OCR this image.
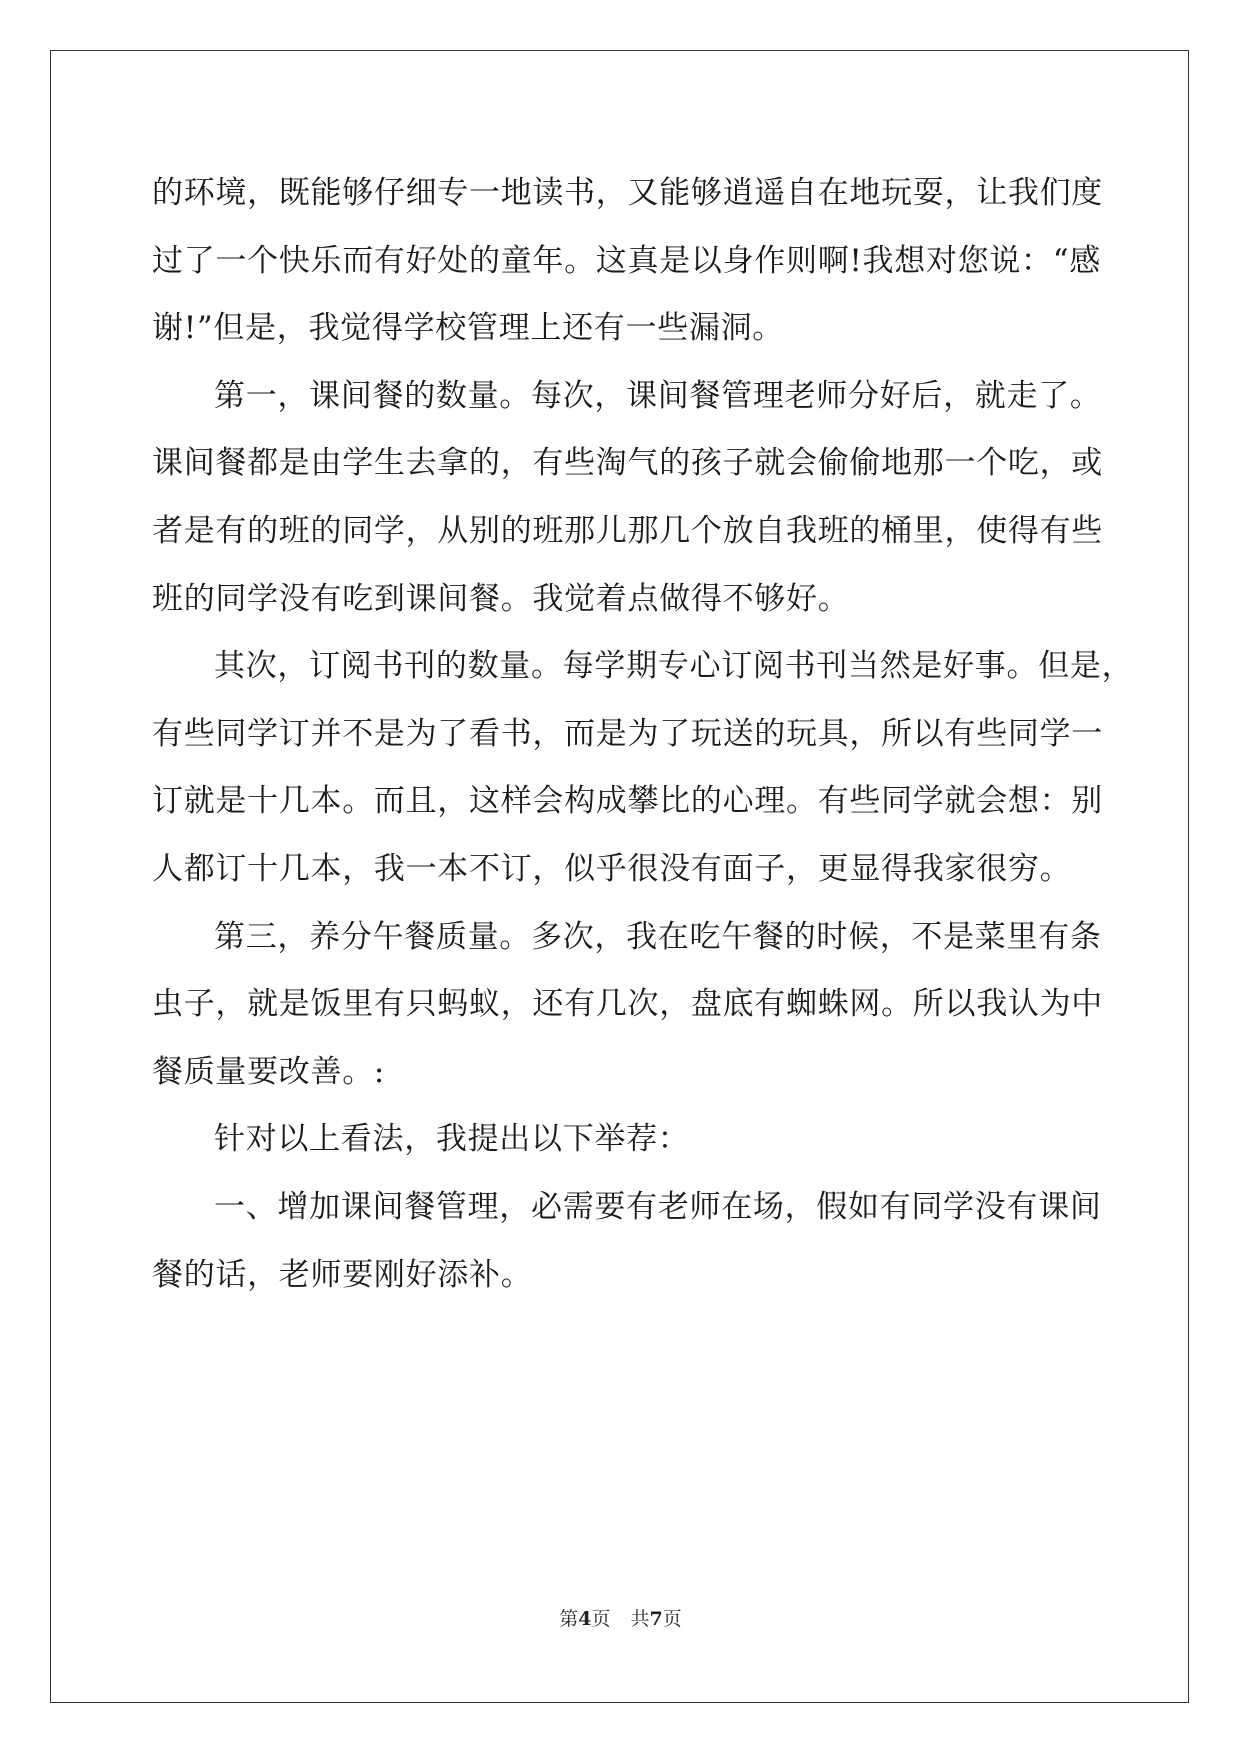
的环境，既能够仔细专一地读书，又能够逍遥自在地玩耍，让我们度
过了一个快乐而有好处的童年。这真是以身作则啊!我想对您说：“感
谢!”但是，我觉得学校管理上还有一些漏洞。
第一，课间餐的数量。每次，课间餐管理老师分好后，就走了。
课间餐都是由学生去拿的，有些淘气的孩子就会偷偷地那一个吃，或
者是有的班的同学，从别的班那儿那几个放自我班的桶里，使得有些
班的同学没有吃到课间餐。我觉着点做得不够好。
其次，订阅书刊的数量。每学期专心订阅书刊当然是好事。但是，
有些同学订并不是为了看书，而是为了玩送的玩具，所以有些同学一
订就是十几本。而且，这样会构成攀比的心理。有些同学就会想：别
人都订十几本，我一本不订，似乎很没有面子，更显得我家很穷。
第三，养分午餐质量。多次，我在吃午餐的时候，不是菜里有条
虫子，就是饭里有只蚂蚁，还有几次，盘底有蜘蛛网。所以我认为中
餐质量要改善。:
针对以上看法，我提出以下举荐：
一、增加课间餐管理，必需要有老师在场，假如有同学没有课间
餐的话，老师要刚好添补。
第4页 共7页
